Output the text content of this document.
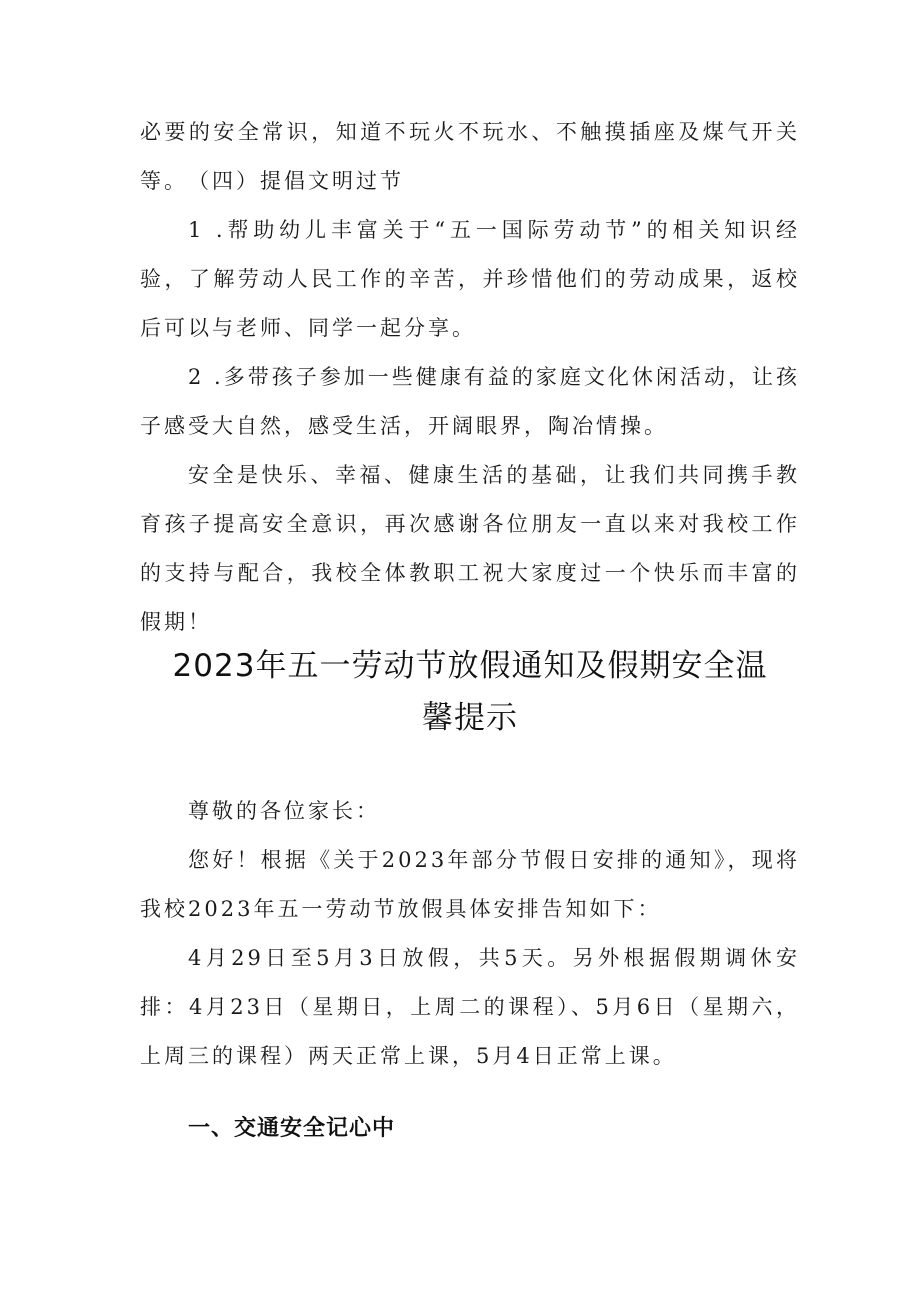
必要的安全常识，知道不玩火不玩水、不触摸插座及煤气开关等。 （四）提倡文明过节

1 .帮助幼儿丰富关于“五一国际劳动节”的相关知识经验，了解劳动人民工作的辛苦，并珍惜他们的劳动成果，返校后可以与老师、同学一起分享。

2 .多带孩子参加一些健康有益的家庭文化休闲活动，让孩子感受大自然，感受生活，开阔眼界，陶冶情操。

安全是快乐、幸福、健康生活的基础，让我们共同携手教育孩子提高安全意识，再次感谢各位朋友一直以来对我校工作的支持与配合，我校全体教职工祝大家度过一个快乐而丰富的假期！

2023年五一劳动节放假通知及假期安全温
馨提示

尊敬的各位家长：

您好！根据《关于2023年部分节假日安排的通知》，现将我校2023年五一劳动节放假具体安排告知如下：

4月29日至5月3日放假，共5天。另外根据假期调休安排：4月23日（星期日，上周二的课程）、5月6日（星期六，上周三的课程）两天正常上课，5月4日正常上课。

一、交通安全记心中
